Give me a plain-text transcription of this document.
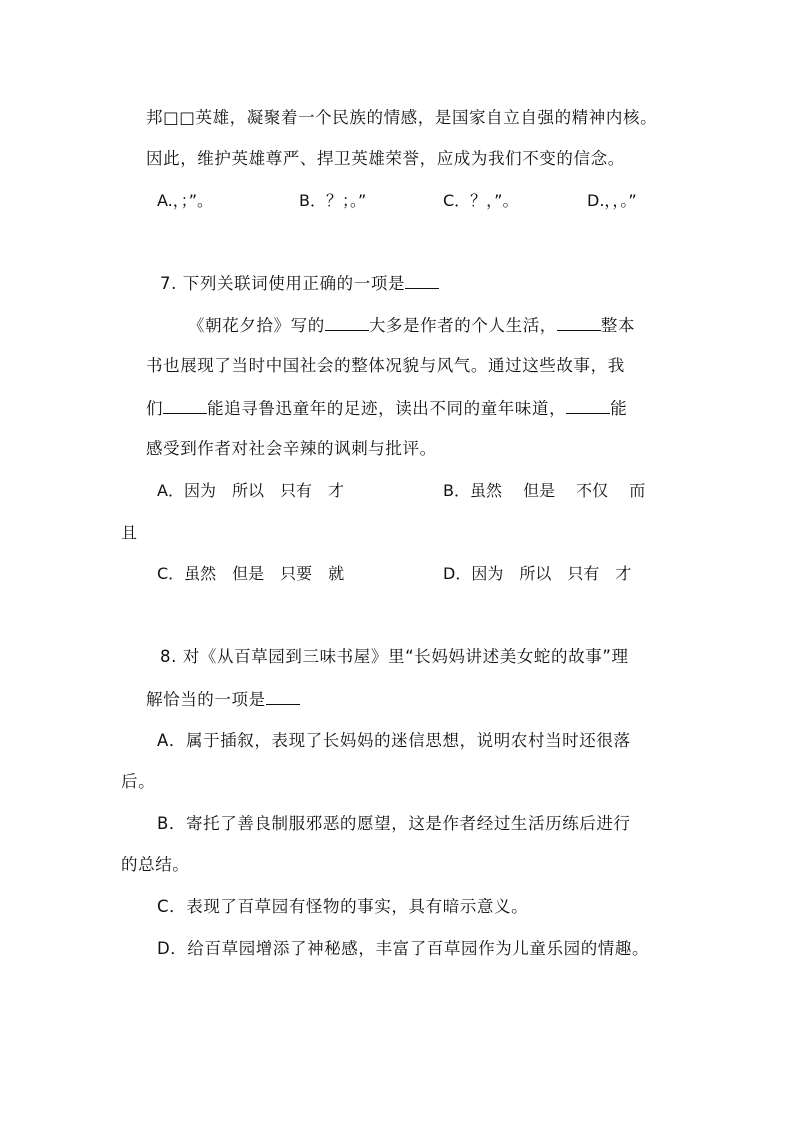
邦□□英雄，凝聚着一个民族的情感，是国家自立自强的精神内核。
因此，维护英雄尊严、捍卫英雄荣誉，应成为我们不变的信念。
A.，；”。	B．？；。”	C．？，”。	D.，，。”
7. 下列关联词使用正确的一项是
《朝花夕拾》写的	大多是作者的个人生活，	整本
书也展现了当时中国社会的整体况貌与风气。通过这些故事，我
们	能追寻鲁迅童年的足迹，读出不同的童年味道，	能
感受到作者对社会辛辣的讽刺与批评。
A．因为　所以　只有　才	B．虽然　 但是　 不仅　 而
且
C．虽然　但是　只要　就	D．因为　所以　只有　才
8. 对《从百草园到三味书屋》里“长妈妈讲述美女蛇的故事”理
解恰当的一项是
A．属于插叙，表现了长妈妈的迷信思想，说明农村当时还很落
后。
B．寄托了善良制服邪恶的愿望，这是作者经过生活历练后进行
的总结。
C．表现了百草园有怪物的事实，具有暗示意义。
D．给百草园增添了神秘感，丰富了百草园作为儿童乐园的情趣。
